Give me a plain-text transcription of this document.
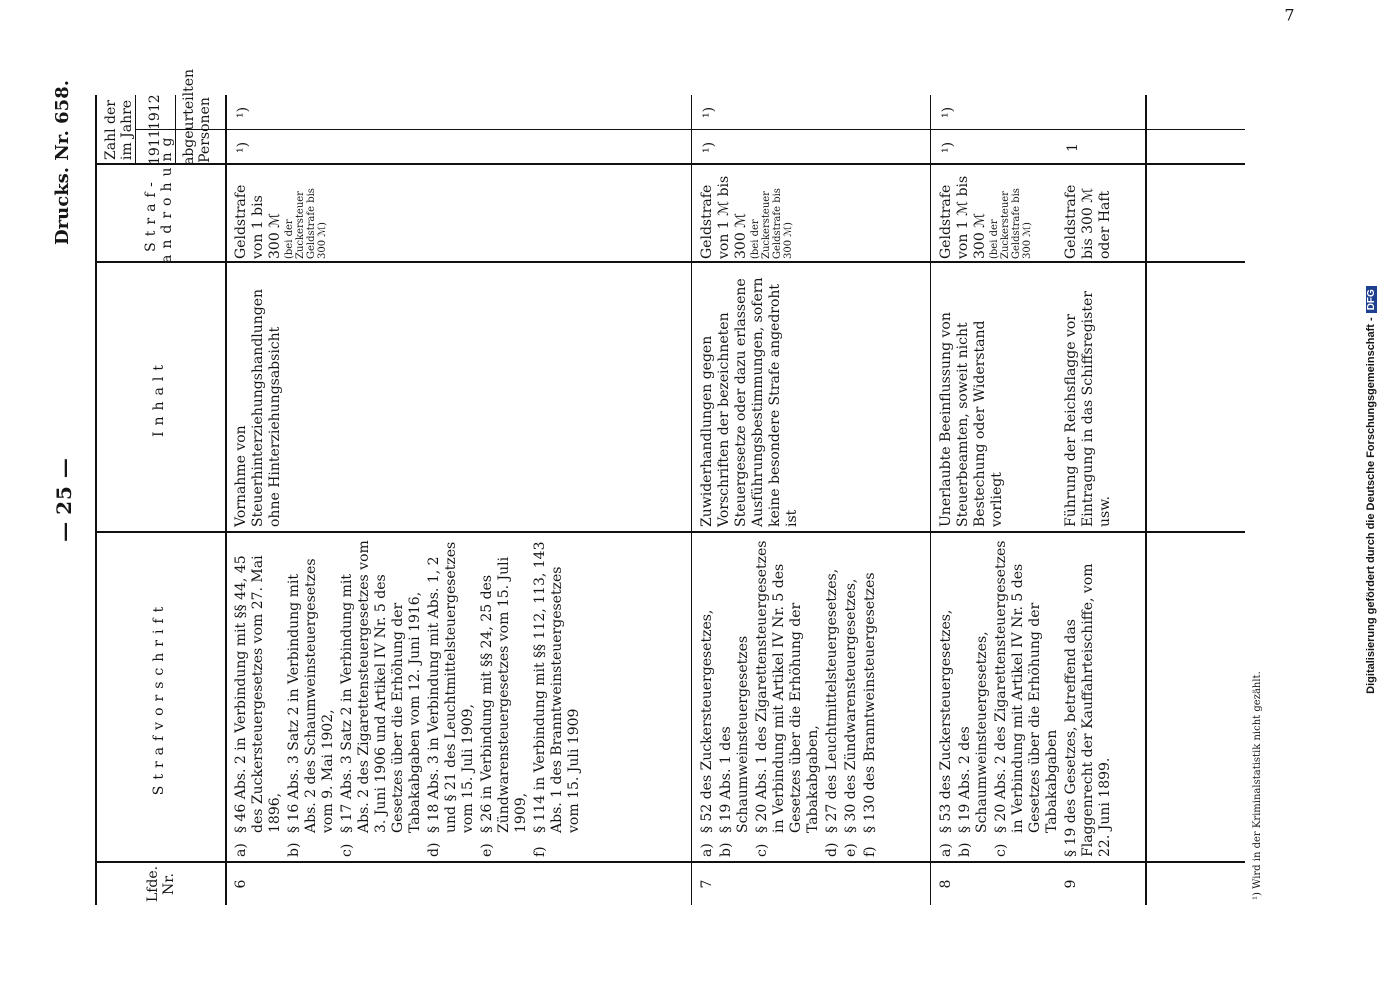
— 25 —
Drucks. Nr. 658.
Lfde. Nr.
Strafvorschrift
Inhalt
Straf- androhung
Zahl der im Jahre 1911
1912 abgeurteilten Personen
6
a)
§ 46 Abs. 2 in Verbindung mit §§ 44, 45 des Zuckersteuergesetzes vom 27. Mai 1896,
b)
§ 16 Abs. 3 Satz 2 in Verbindung mit Abs. 2 des Schaumweinsteuergesetzes vom 9. Mai 1902,
c)
§ 17 Abs. 3 Satz 2 in Verbindung mit Abs. 2 des Zigarettensteuergesetzes vom 3. Juni 1906 und Artikel IV Nr. 5 des Gesetzes über die Erhöhung der Tabakabgaben vom 12. Juni 1916,
d)
§ 18 Abs. 3 in Verbindung mit Abs. 1, 2 und § 21 des Leuchtmittelsteuergesetzes vom 15. Juli 1909,
e)
§ 26 in Verbindung mit §§ 24, 25 des Zündwarensteuergesetzes vom 15. Juli 1909,
f)
§ 114 in Verbindung mit §§ 112, 113, 143 Abs. 1 des Branntweinsteuergesetzes vom 15. Juli 1909
Vornahme von Steuerhinterziehungshandlungen ohne Hinterziehungsabsicht
Geldstrafe von 1 bis 300 ℳ (bei der Zuckersteuer Geldstrafe bis 300 ℳ)
¹)
¹)
7
a)
§ 52 des Zuckersteuergesetzes,
b)
§ 19 Abs. 1 des Schaumweinsteuergesetzes
c)
§ 20 Abs. 1 des Zigarettensteuergesetzes in Verbindung mit Artikel IV Nr. 5 des Gesetzes über die Erhöhung der Tabakabgaben,
d)
§ 27 des Leuchtmittelsteuergesetzes,
e)
§ 30 des Zündwarensteuergesetzes,
f)
§ 130 des Branntweinsteuergesetzes
Zuwiderhandlungen gegen Vorschriften der bezeichneten Steuergesetze oder dazu erlassene Ausführungsbestimmungen, sofern keine besondere Strafe angedroht ist
Geldstrafe von 1 ℳ bis 300 ℳ (bei der Zuckersteuer Geldstrafe bis 300 ℳ)
¹)
¹)
8
a)
§ 53 des Zuckersteuergesetzes,
b)
§ 19 Abs. 2 des Schaumweinsteuergesetzes,
c)
§ 20 Abs. 2 des Zigarettensteuergesetzes in Verbindung mit Artikel IV Nr. 5 des Gesetzes über die Erhöhung der Tabakabgaben
Unerlaubte Beeinflussung von Steuerbeamten, soweit nicht Bestechung oder Widerstand vorliegt
Geldstrafe von 1 ℳ bis 300 ℳ (bei der Zuckersteuer Geldstrafe bis 300 ℳ)
¹)
¹)
9
§ 19 des Gesetzes, betreffend das Flaggenrecht der Kauffahrteischiffe, vom 22. Juni 1899.
Führung der Reichsflagge vor Eintragung in das Schiffsregister usw.
Geldstrafe bis 300 ℳ oder Haft
1
¹) Wird in der Kriminalstatistik nicht gezählt.
7
Digitalisierung gefördert durch die Deutsche Forschungsgemeinschaft -DFG
